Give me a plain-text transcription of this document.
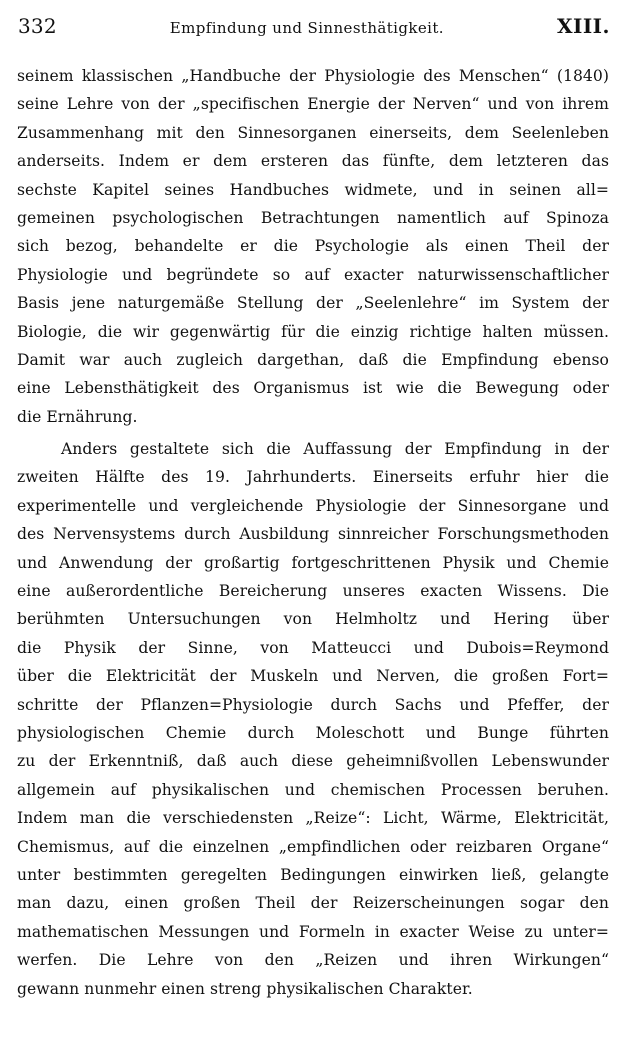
332	Empfindung und Sinnesthätigkeit.	XIII.
seinem klassischen „Handbuche der Physiologie des Menschen“ (1840)
seine Lehre von der „specifischen Energie der Nerven“ und von ihrem
Zusammenhang mit den Sinnesorganen einerseits, dem Seelenleben
anderseits. Indem er dem ersteren das fünfte, dem letzteren das
sechste Kapitel seines Handbuches widmete, und in seinen all=
gemeinen psychologischen Betrachtungen namentlich auf Spinoza
sich bezog, behandelte er die Psychologie als einen Theil der
Physiologie und begründete so auf exacter naturwissenschaftlicher
Basis jene naturgemäße Stellung der „Seelenlehre“ im System der
Biologie, die wir gegenwärtig für die einzig richtige halten müssen.
Damit war auch zugleich dargethan, daß die Empfindung ebenso
eine Lebensthätigkeit des Organismus ist wie die Bewegung oder
die Ernährung.
Anders gestaltete sich die Auffassung der Empfindung in der
zweiten Hälfte des 19. Jahrhunderts. Einerseits erfuhr hier die
experimentelle und vergleichende Physiologie der Sinnesorgane und
des Nervensystems durch Ausbildung sinnreicher Forschungsmethoden
und Anwendung der großartig fortgeschrittenen Physik und Chemie
eine außerordentliche Bereicherung unseres exacten Wissens. Die
berühmten Untersuchungen von Helmholtz und Hering über
die Physik der Sinne, von Matteucci und Dubois=Reymond
über die Elektricität der Muskeln und Nerven, die großen Fort=
schritte der Pflanzen=Physiologie durch Sachs und Pfeffer, der
physiologischen Chemie durch Moleschott und Bunge führten
zu der Erkenntniß, daß auch diese geheimnißvollen Lebenswunder
allgemein auf physikalischen und chemischen Processen beruhen.
Indem man die verschiedensten „Reize“: Licht, Wärme, Elektricität,
Chemismus, auf die einzelnen „empfindlichen oder reizbaren Organe“
unter bestimmten geregelten Bedingungen einwirken ließ, gelangte
man dazu, einen großen Theil der Reizerscheinungen sogar den
mathematischen Messungen und Formeln in exacter Weise zu unter=
werfen. Die Lehre von den „Reizen und ihren Wirkungen“
gewann nunmehr einen streng physikalischen Charakter.
